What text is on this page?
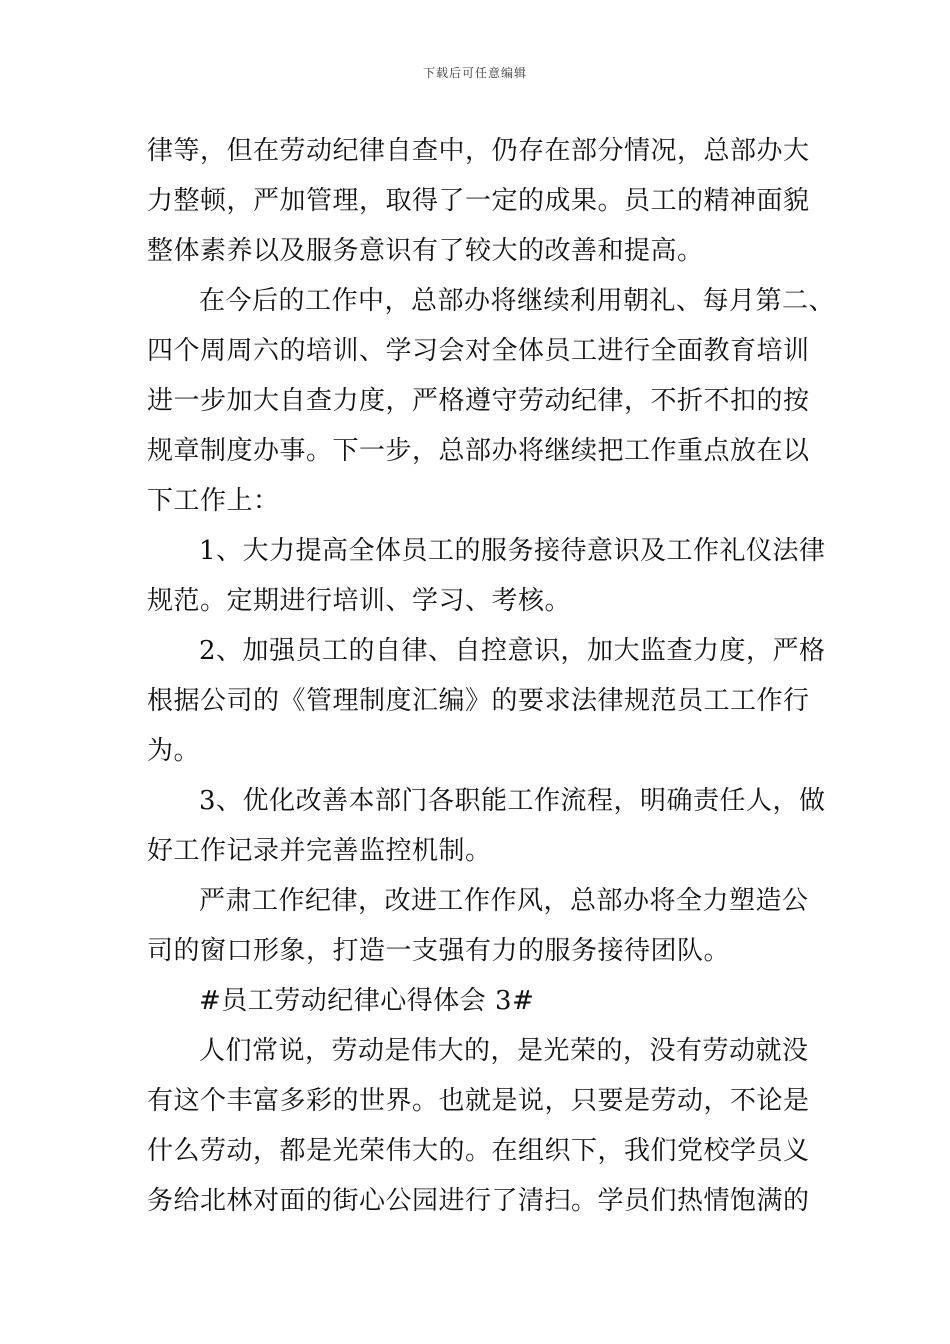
下载后可任意编辑
律等，但在劳动纪律自查中，仍存在部分情况，总部办大
力整顿，严加管理，取得了一定的成果。员工的精神面貌
整体素养以及服务意识有了较大的改善和提高。
在今后的工作中，总部办将继续利用朝礼、每月第二、
四个周周六的培训、学习会对全体员工进行全面教育培训
进一步加大自查力度，严格遵守劳动纪律，不折不扣的按
规章制度办事。下一步，总部办将继续把工作重点放在以
下工作上：
1、大力提高全体员工的服务接待意识及工作礼仪法律
规范。定期进行培训、学习、考核。
2、加强员工的自律、自控意识，加大监查力度，严格
根据公司的《管理制度汇编》的要求法律规范员工工作行
为。
3、优化改善本部门各职能工作流程，明确责任人，做
好工作记录并完善监控机制。
严肃工作纪律，改进工作作风，总部办将全力塑造公
司的窗口形象，打造一支强有力的服务接待团队。
#员工劳动纪律心得体会 3#
人们常说，劳动是伟大的，是光荣的，没有劳动就没
有这个丰富多彩的世界。也就是说，只要是劳动，不论是
什么劳动，都是光荣伟大的。在组织下，我们党校学员义
务给北林对面的街心公园进行了清扫。学员们热情饱满的
